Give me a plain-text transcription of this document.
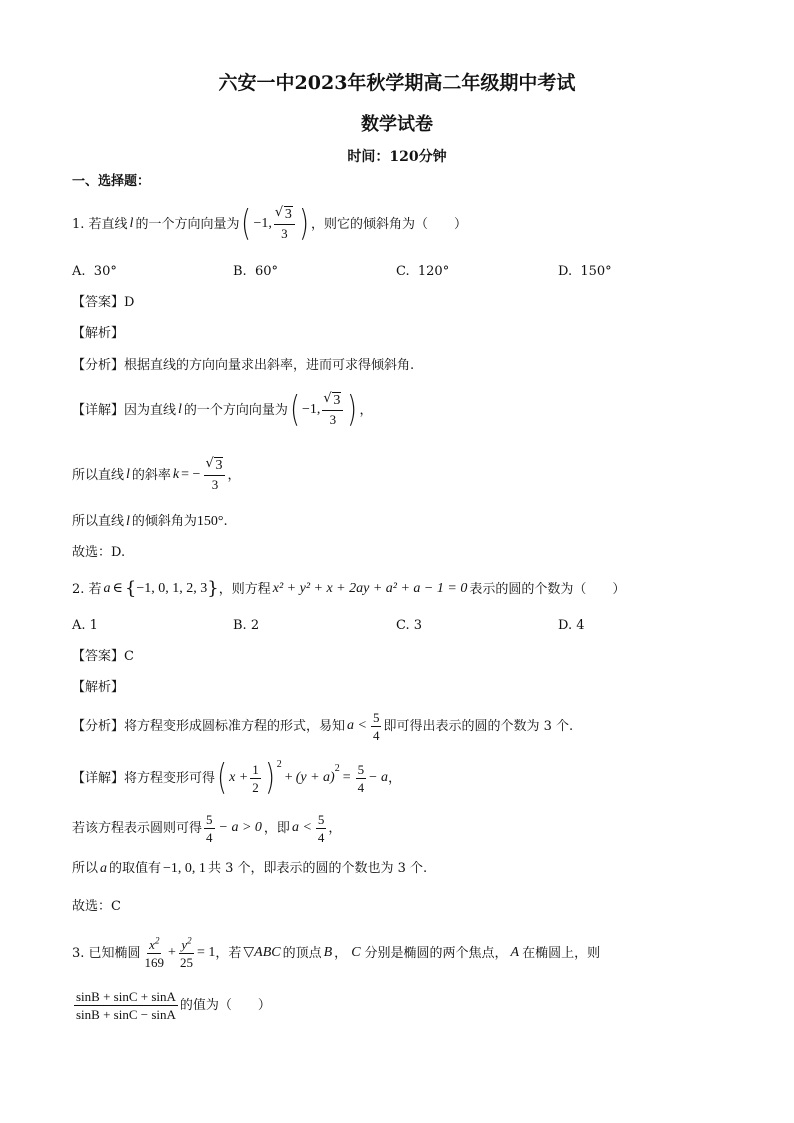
六安一中2023年秋学期高二年级期中考试
数学试卷
时间：120分钟
一、选择题：
1. 若直线 l 的一个方向向量为 ( −1, √ $\frac{3}{3}$ ) ，则它的倾斜角为（　　）
A. 30°	B. 60°	C. 120°	D. 150°
【答案】D
【解析】
【分析】根据直线的方向向量求出斜率，进而可求得倾斜角.
【详解】 因为直线 l 的一个方向向量为 ( −1, √ $\frac{3}{3}$ ) ，
所以直线 l 的斜率 k = − √ $\frac{3}{3}$ ，
所以直线 l 的倾斜角为150°.
故选：D.
2. 若 a ∈ { −1, 0, 1, 2, 3 } ，则方程 x² + y² + x + 2ay + a² + a − 1 = 0 表示的圆的个数为（　　）
A. 1	B. 2	C. 3	D. 4
【答案】C
【解析】
【分析】 将方程变形成圆标准方程的形式，易知 $a < \frac{5}{4}$ 即可得出表示的圆的个数为 3 个.
【详解】 将方程变形可得 ( $x + \frac{1}{2}$ ) 2
+ (y + a)
2
= $\frac{5}{4} - a$ ，
若该方程表示圆则可得 $\frac{5}{4} - a > 0$ ，即 $a < \frac{5}{4}$ ，
所以 a 的取值有 −1, 0, 1 共 3 个，即表示的圆的个数也为 3 个.
故选：C
3. 已知椭圆 $\frac{x^2}{169} + \frac{y^2}{25} = 1$ ，若 ▽ABC 的顶点 B ， C 分别是椭圆的两个焦点， A 在椭圆上，则
$\frac{\sin B + \sin C + \sin A}{\sin B + \sin C - \sin A}$ 的值为（　　）
